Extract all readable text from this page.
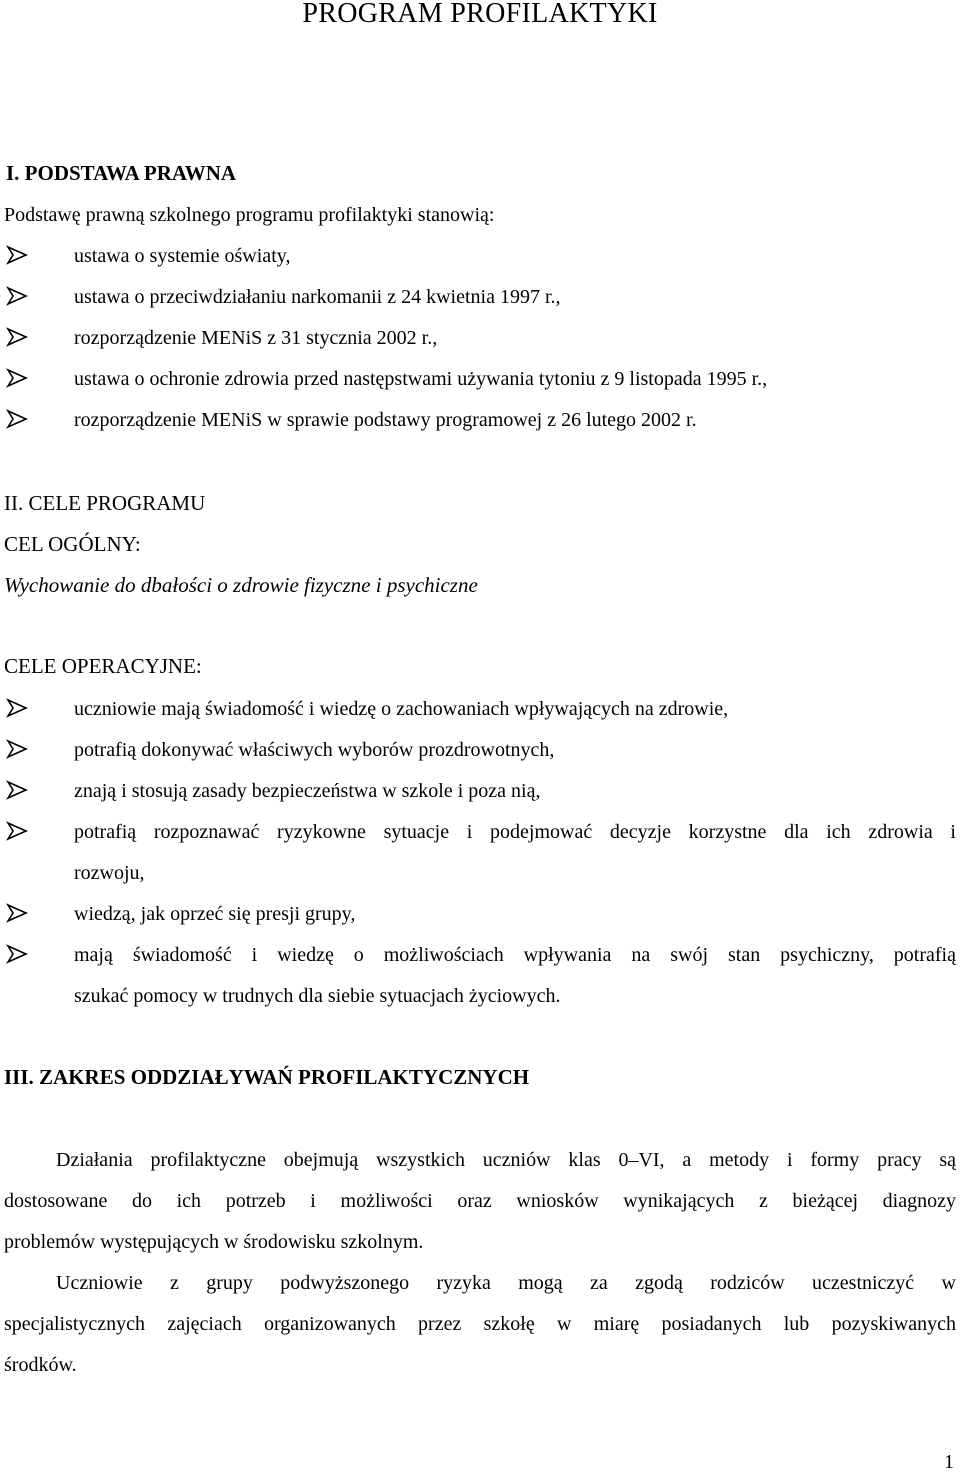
PROGRAM PROFILAKTYKI
I. PODSTAWA PRAWNA
Podstawę prawną szkolnego programu profilaktyki stanowią:
ustawa o systemie oświaty,
ustawa o przeciwdziałaniu narkomanii z 24 kwietnia 1997 r.,
rozporządzenie MENiS z 31 stycznia 2002 r.,
ustawa o ochronie zdrowia przed następstwami używania tytoniu z 9 listopada 1995 r.,
rozporządzenie MENiS w sprawie podstawy programowej z 26 lutego 2002 r.
II. CELE PROGRAMU
CEL OGÓLNY:
Wychowanie do dbałości o zdrowie fizyczne i psychiczne
CELE OPERACYJNE:
uczniowie mają świadomość i wiedzę o zachowaniach wpływających na zdrowie,
potrafią dokonywać właściwych wyborów prozdrowotnych,
znają i stosują zasady bezpieczeństwa w szkole i poza nią,
potrafią rozpoznawać ryzykowne sytuacje i podejmować decyzje korzystne dla ich zdrowia i
rozwoju,
wiedzą, jak oprzeć się presji grupy,
mają świadomość i wiedzę o możliwościach wpływania na swój stan psychiczny, potrafią
szukać pomocy w trudnych dla siebie sytuacjach życiowych.
III. ZAKRES ODDZIAŁYWAŃ PROFILAKTYCZNYCH
Działania profilaktyczne obejmują wszystkich uczniów klas 0–VI, a metody i formy pracy są
dostosowane do ich potrzeb i możliwości oraz wniosków wynikających z bieżącej diagnozy
problemów występujących w środowisku szkolnym.
Uczniowie z grupy podwyższonego ryzyka mogą za zgodą rodziców uczestniczyć w
specjalistycznych zajęciach organizowanych przez szkołę w miarę posiadanych lub pozyskiwanych
środków.
1
